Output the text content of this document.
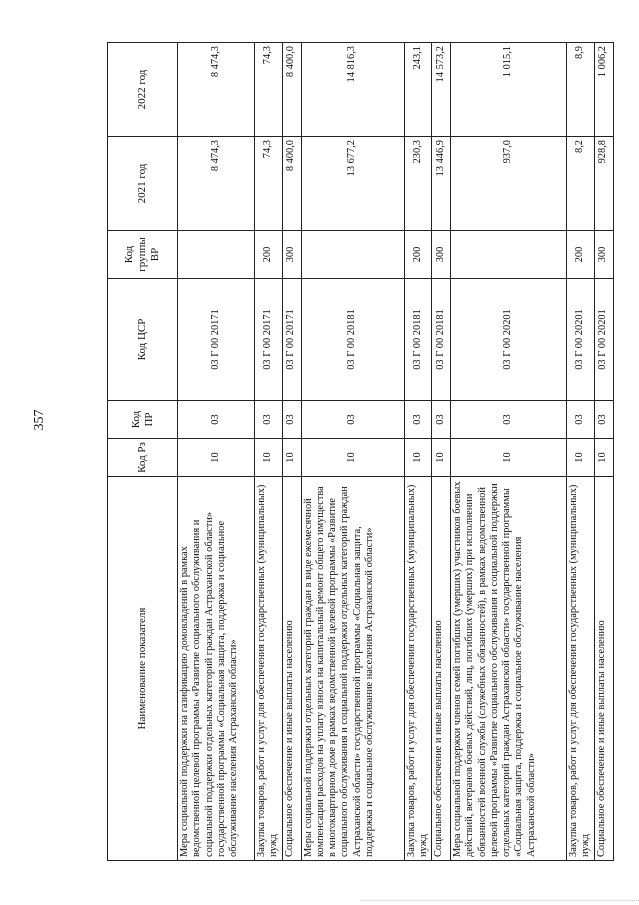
357
Наименование показателя	Код Рз	Код ПР	Код ЦСР	Код группы ВР	2021 год	2022 год
Мера социальной поддержки на газификацию домовладений в рамках ведомственной целевой программы «Развитие социального обслуживания и социальной поддержки отдельных категорий граждан Астраханской области» государственной программы «Социальная защита, поддержка и социальное обслуживание населения Астраханской области»	10	03	03 Г 00 20171		8 474,3	8 474,3
Закупка товаров, работ и услуг для обеспечения государственных (муниципальных) нужд	10	03	03 Г 00 20171	200	74,3	74,3
Социальное обеспечение и иные выплаты населению	10	03	03 Г 00 20171	300	8 400,0	8 400,0
Меры социальной поддержки отдельных категорий граждан в виде ежемесячной компенсации расходов на уплату взноса на капитальный ремонт общего имущества в многоквартирном доме в рамках ведомственной целевой программы «Развитие социального обслуживания и социальной поддержки отдельных категорий граждан Астраханской области» государственной программы «Социальная защита, поддержка и социальное обслуживание населения Астраханской области»	10	03	03 Г 00 20181		13 677,2	14 816,3
Закупка товаров, работ и услуг для обеспечения государственных (муниципальных) нужд	10	03	03 Г 00 20181	200	230,3	243,1
Социальное обеспечение и иные выплаты населению	10	03	03 Г 00 20181	300	13 446,9	14 573,2
Мера социальной поддержки членов семей погибших (умерших) участников боевых действий, ветеранов боевых действий, лиц, погибших (умерших) при исполнении обязанностей военной службы (служебных обязанностей), в рамках ведомственной целевой программы «Развитие социального обслуживания и социальной поддержки отдельных категорий граждан Астраханской области» государственной программы «Социальная защита, поддержка и социальное обслуживание населения Астраханской области»	10	03	03 Г 00 20201		937,0	1 015,1
Закупка товаров, работ и услуг для обеспечения государственных (муниципальных) нужд	10	03	03 Г 00 20201	200	8,2	8,9
Социальное обеспечение и иные выплаты населению	10	03	03 Г 00 20201	300	928,8	1 006,2
